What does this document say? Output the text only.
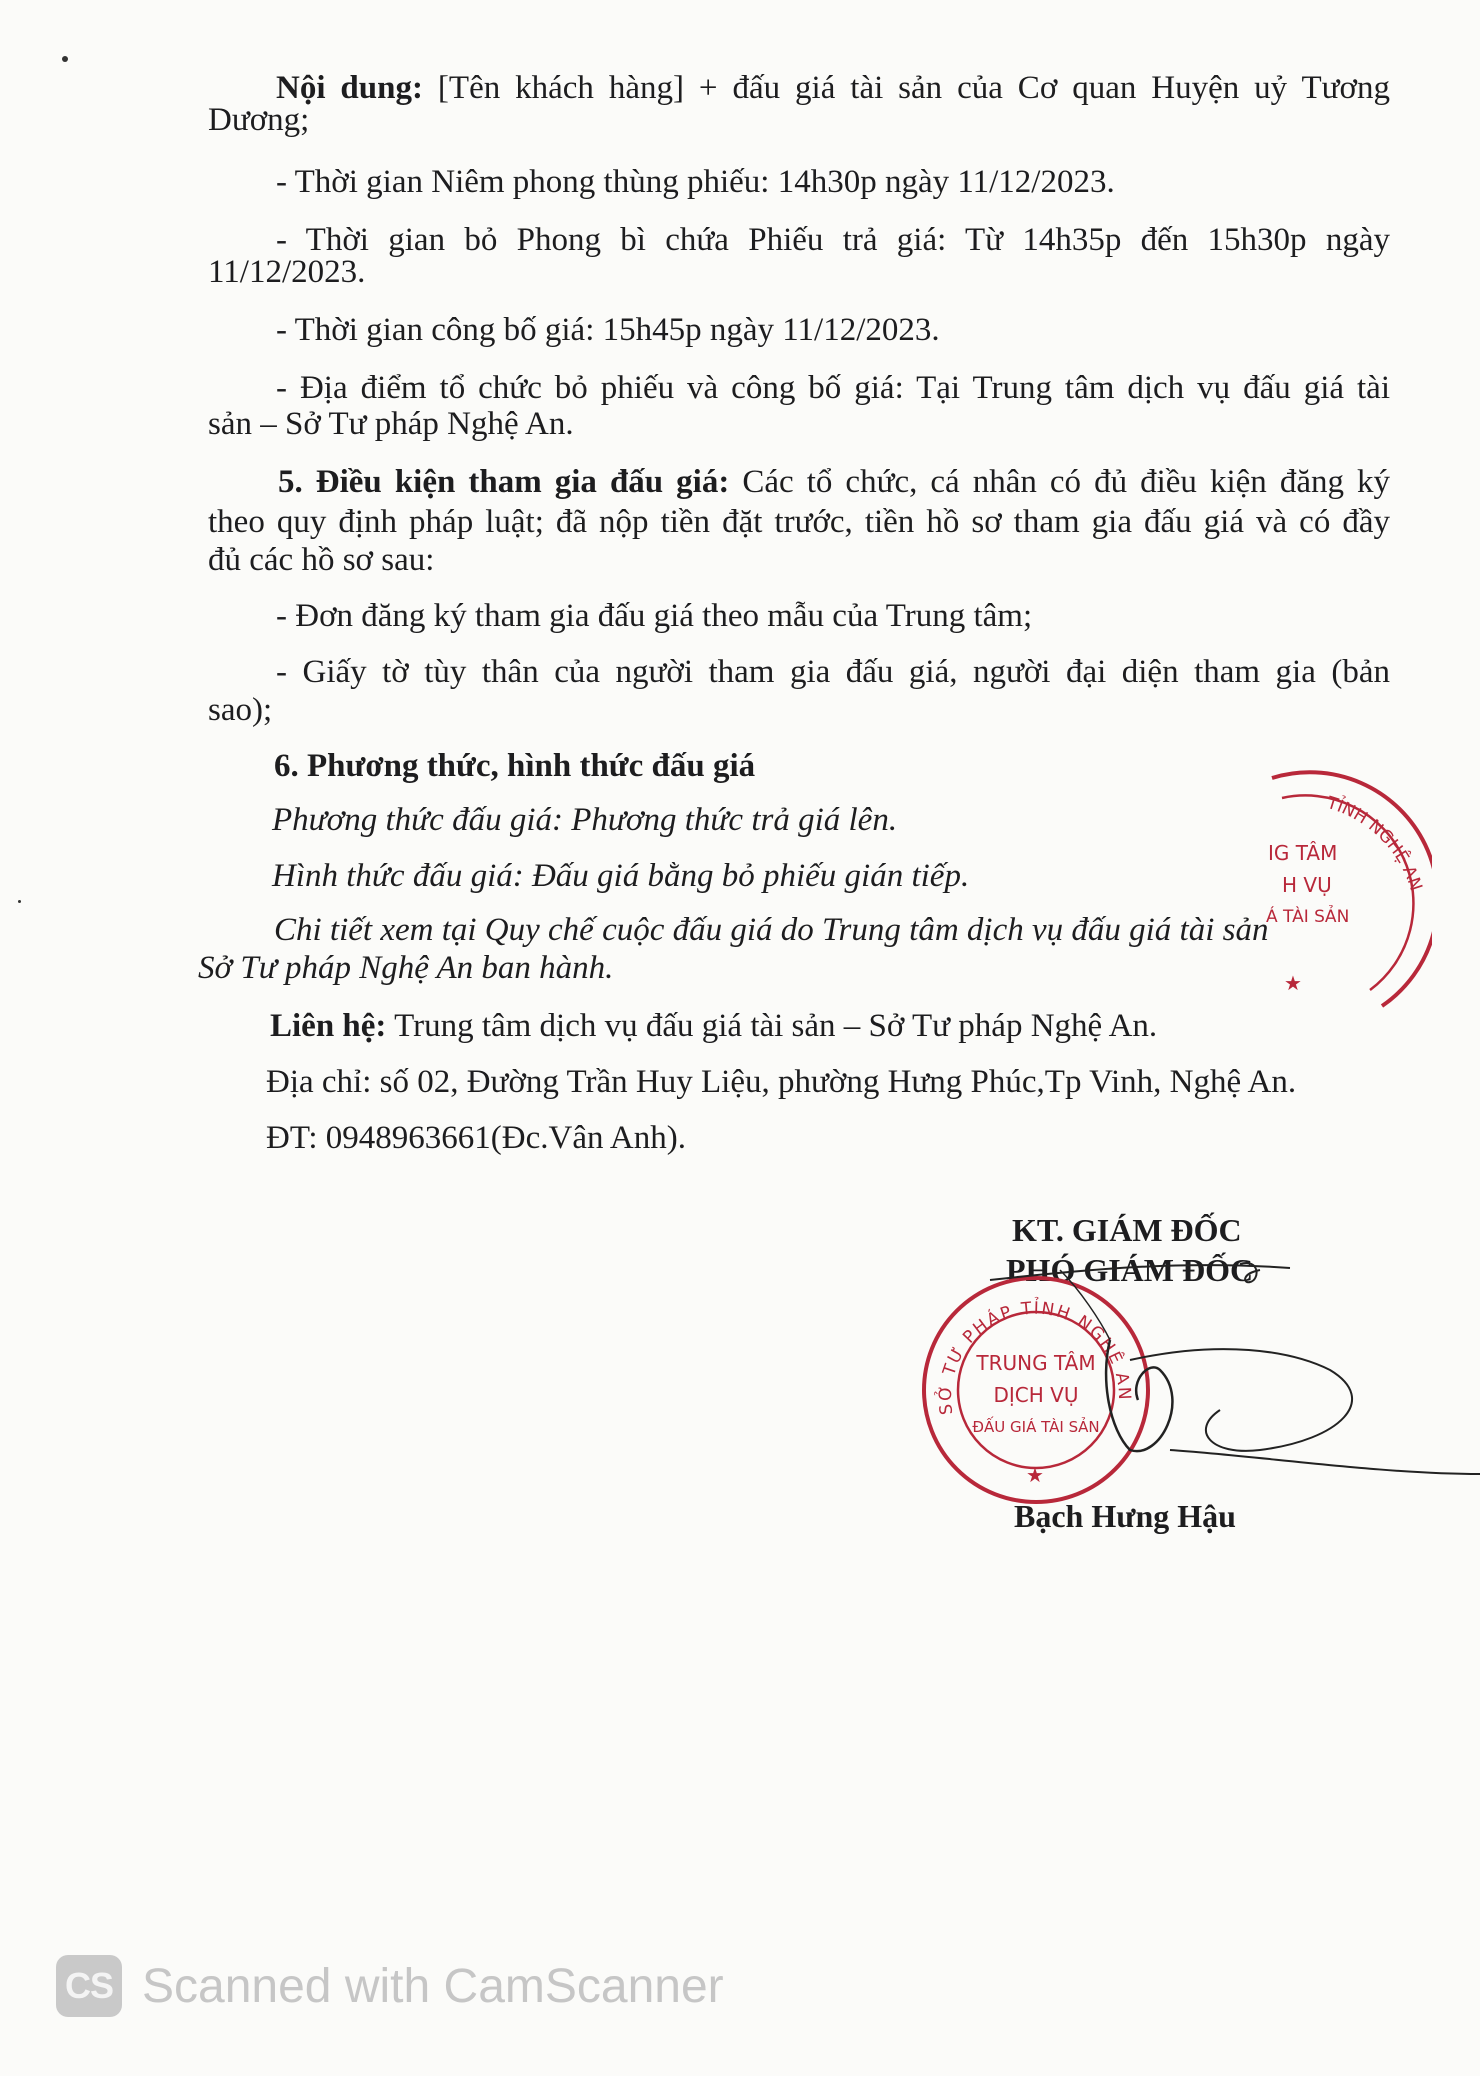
Nội dung: [Tên khách hàng] + đấu giá tài sản của Cơ quan Huyện uỷ Tương
Dương;
- Thời gian Niêm phong thùng phiếu: 14h30p ngày 11/12/2023.
- Thời gian bỏ Phong bì chứa Phiếu trả giá: Từ 14h35p đến 15h30p ngày
11/12/2023.
- Thời gian công bố giá: 15h45p ngày 11/12/2023.
- Địa điểm tổ chức bỏ phiếu và công bố giá: Tại Trung tâm dịch vụ đấu giá tài
sản – Sở Tư pháp Nghệ An.
5. Điều kiện tham gia đấu giá: Các tổ chức, cá nhân có đủ điều kiện đăng ký
theo quy định pháp luật; đã nộp tiền đặt trước, tiền hồ sơ tham gia đấu giá và có đầy
đủ các hồ sơ sau:
- Đơn đăng ký tham gia đấu giá theo mẫu của Trung tâm;
- Giấy tờ tùy thân của người tham gia đấu giá, người đại diện tham gia (bản
sao);
6. Phương thức, hình thức đấu giá
Phương thức đấu giá: Phương thức trả giá lên.
Hình thức đấu giá: Đấu giá bằng bỏ phiếu gián tiếp.
Chi tiết xem tại Quy chế cuộc đấu giá do Trung tâm dịch vụ đấu giá tài sản
Sở Tư pháp Nghệ An ban hành.
Liên hệ: Trung tâm dịch vụ đấu giá tài sản – Sở Tư pháp Nghệ An.
Địa chỉ: số 02, Đường Trần Huy Liệu, phường Hưng Phúc,Tp Vinh, Nghệ An.
ĐT: 0948963661(Đc.Vân Anh).
TỈNH NGHỆ AN
IG TÂM
H VỤ
Á TÀI SẢN
★
KT. GIÁM ĐỐC
PHÓ GIÁM ĐỐC
SỞ TƯ PHÁP TỈNH NGHỆ AN
TRUNG TÂM
DỊCH VỤ
ĐẤU GIÁ TÀI SẢN
★
Bạch Hưng Hậu
CS Scanned with CamScanner
